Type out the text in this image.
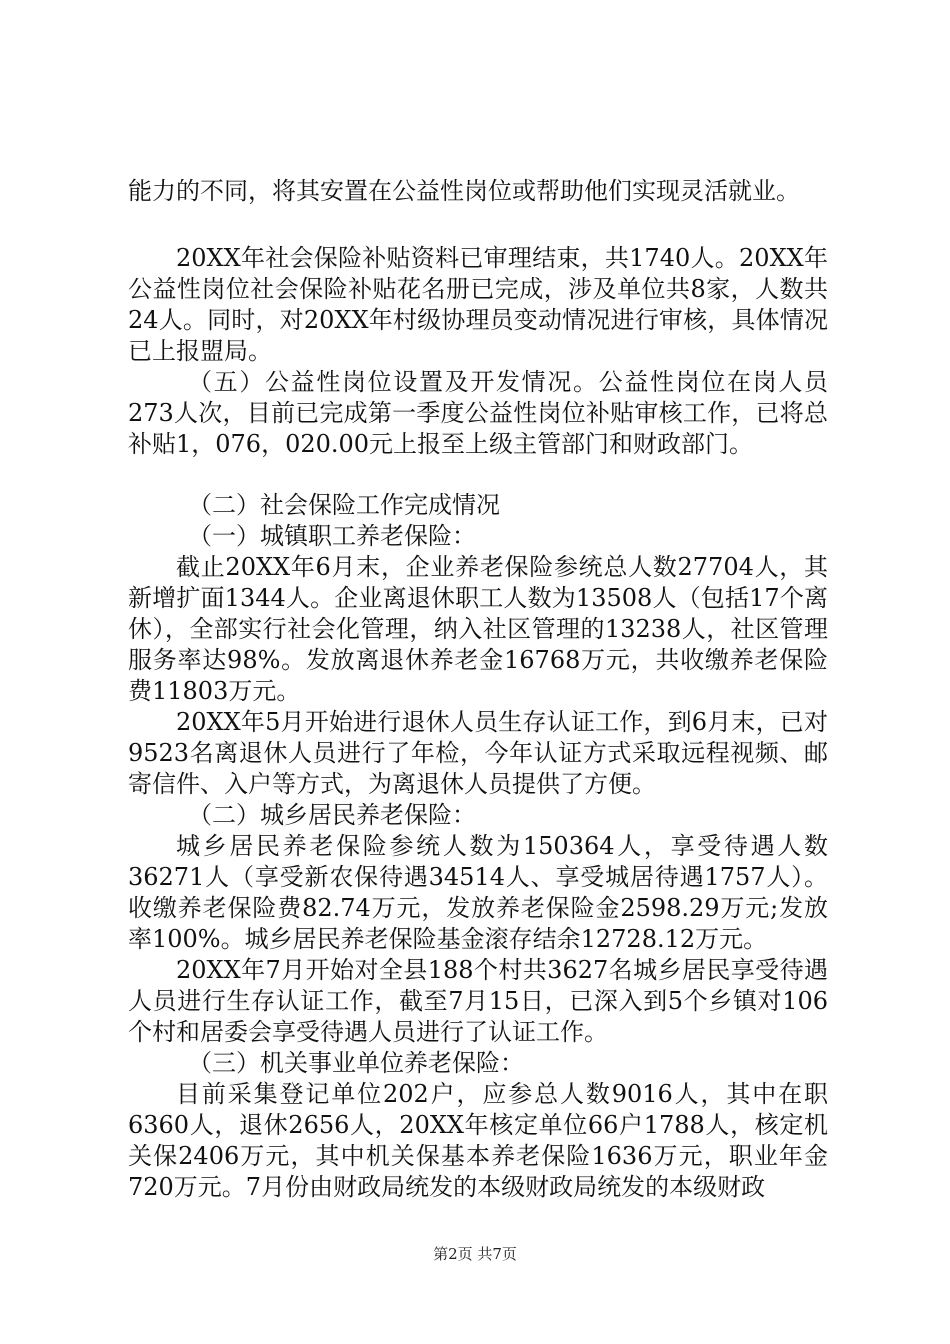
能力的不同，将其安置在公益性岗位或帮助他们实现灵活就业。

20XX年社会保险补贴资料已审理结束，共1740人。20XX年公益性岗位社会保险补贴花名册已完成，涉及单位共8家，人数共24人。同时，对20XX年村级协理员变动情况进行审核，具体情况已上报盟局。

（五）公益性岗位设置及开发情况。公益性岗位在岗人员273人次，目前已完成第一季度公益性岗位补贴审核工作，已将总补贴1，076，020.00元上报至上级主管部门和财政部门。

（二）社会保险工作完成情况

（一）城镇职工养老保险：

截止20XX年6月末，企业养老保险参统总人数27704人，其新增扩面1344人。企业离退休职工人数为13508人（包括17个离休），全部实行社会化管理，纳入社区管理的13238人，社区管理服务率达98%。发放离退休养老金16768万元，共收缴养老保险费11803万元。

20XX年5月开始进行退休人员生存认证工作，到6月末，已对9523名离退休人员进行了年检，今年认证方式采取远程视频、邮寄信件、入户等方式，为离退休人员提供了方便。

（二）城乡居民养老保险：

城乡居民养老保险参统人数为150364人，享受待遇人数36271人（享受新农保待遇34514人、享受城居待遇1757人）。收缴养老保险费82.74万元，发放养老保险金2598.29万元;发放率100%。城乡居民养老保险基金滚存结余12728.12万元。

20XX年7月开始对全县188个村共3627名城乡居民享受待遇人员进行生存认证工作，截至7月15日，已深入到5个乡镇对106个村和居委会享受待遇人员进行了认证工作。

（三）机关事业单位养老保险：

目前采集登记单位202户，应参总人数9016人，其中在职6360人，退休2656人，20XX年核定单位66户1788人，核定机关保2406万元，其中机关保基本养老保险1636万元，职业年金720万元。7月份由财政局统发的本级财政局统发的本级财政

第2页 共7页
